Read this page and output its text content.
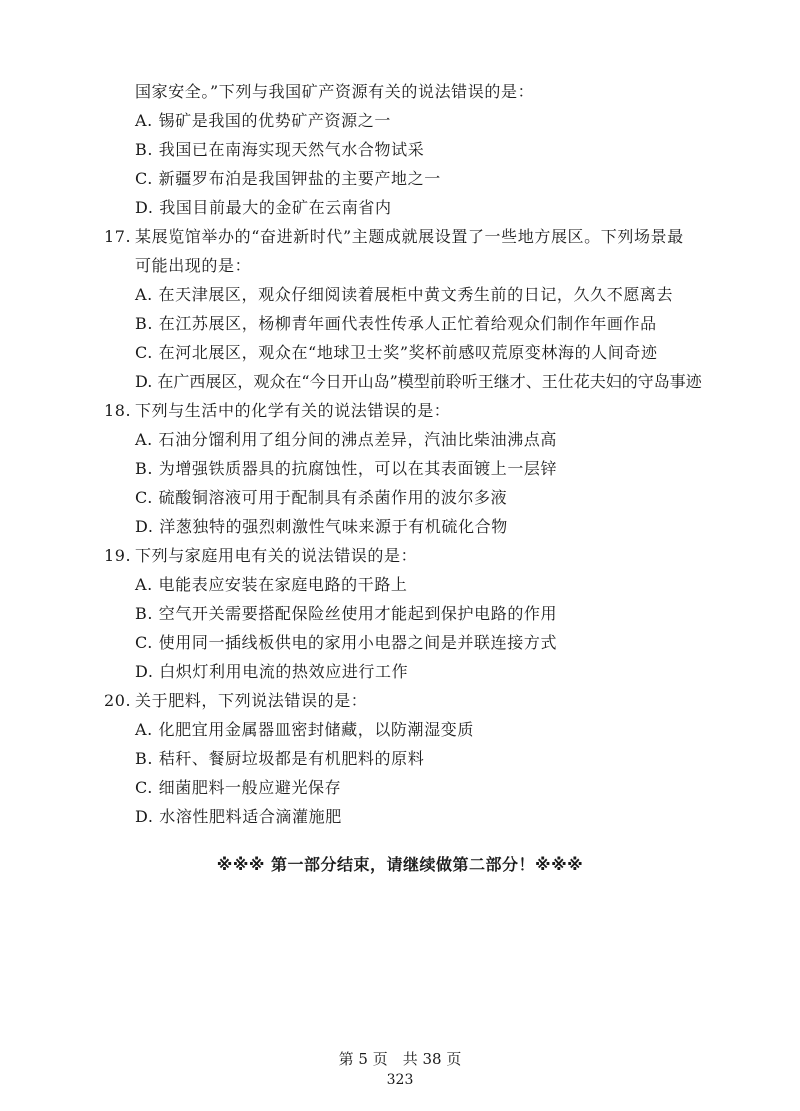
国家安全。”下列与我国矿产资源有关的说法错误的是：
A. 锡矿是我国的优势矿产资源之一
B. 我国已在南海实现天然气水合物试采
C. 新疆罗布泊是我国钾盐的主要产地之一
D. 我国目前最大的金矿在云南省内
17. 某展览馆举办的“奋进新时代”主题成就展设置了一些地方展区。下列场景最
可能出现的是：
A. 在天津展区，观众仔细阅读着展柜中黄文秀生前的日记，久久不愿离去
B. 在江苏展区，杨柳青年画代表性传承人正忙着给观众们制作年画作品
C. 在河北展区，观众在“地球卫士奖”奖杯前感叹荒原变林海的人间奇迹
D. 在广西展区，观众在“今日开山岛”模型前聆听王继才、王仕花夫妇的守岛事迹
18. 下列与生活中的化学有关的说法错误的是：
A. 石油分馏利用了组分间的沸点差异，汽油比柴油沸点高
B. 为增强铁质器具的抗腐蚀性，可以在其表面镀上一层锌
C. 硫酸铜溶液可用于配制具有杀菌作用的波尔多液
D. 洋葱独特的强烈刺激性气味来源于有机硫化合物
19. 下列与家庭用电有关的说法错误的是：
A. 电能表应安装在家庭电路的干路上
B. 空气开关需要搭配保险丝使用才能起到保护电路的作用
C. 使用同一插线板供电的家用小电器之间是并联连接方式
D. 白炽灯利用电流的热效应进行工作
20. 关于肥料，下列说法错误的是：
A. 化肥宜用金属器皿密封储藏，以防潮湿变质
B. 秸秆、餐厨垃圾都是有机肥料的原料
C. 细菌肥料一般应避光保存
D. 水溶性肥料适合滴灌施肥
※※※ 第一部分结束，请继续做第二部分！※※※
第 5 页　共 38 页
323
